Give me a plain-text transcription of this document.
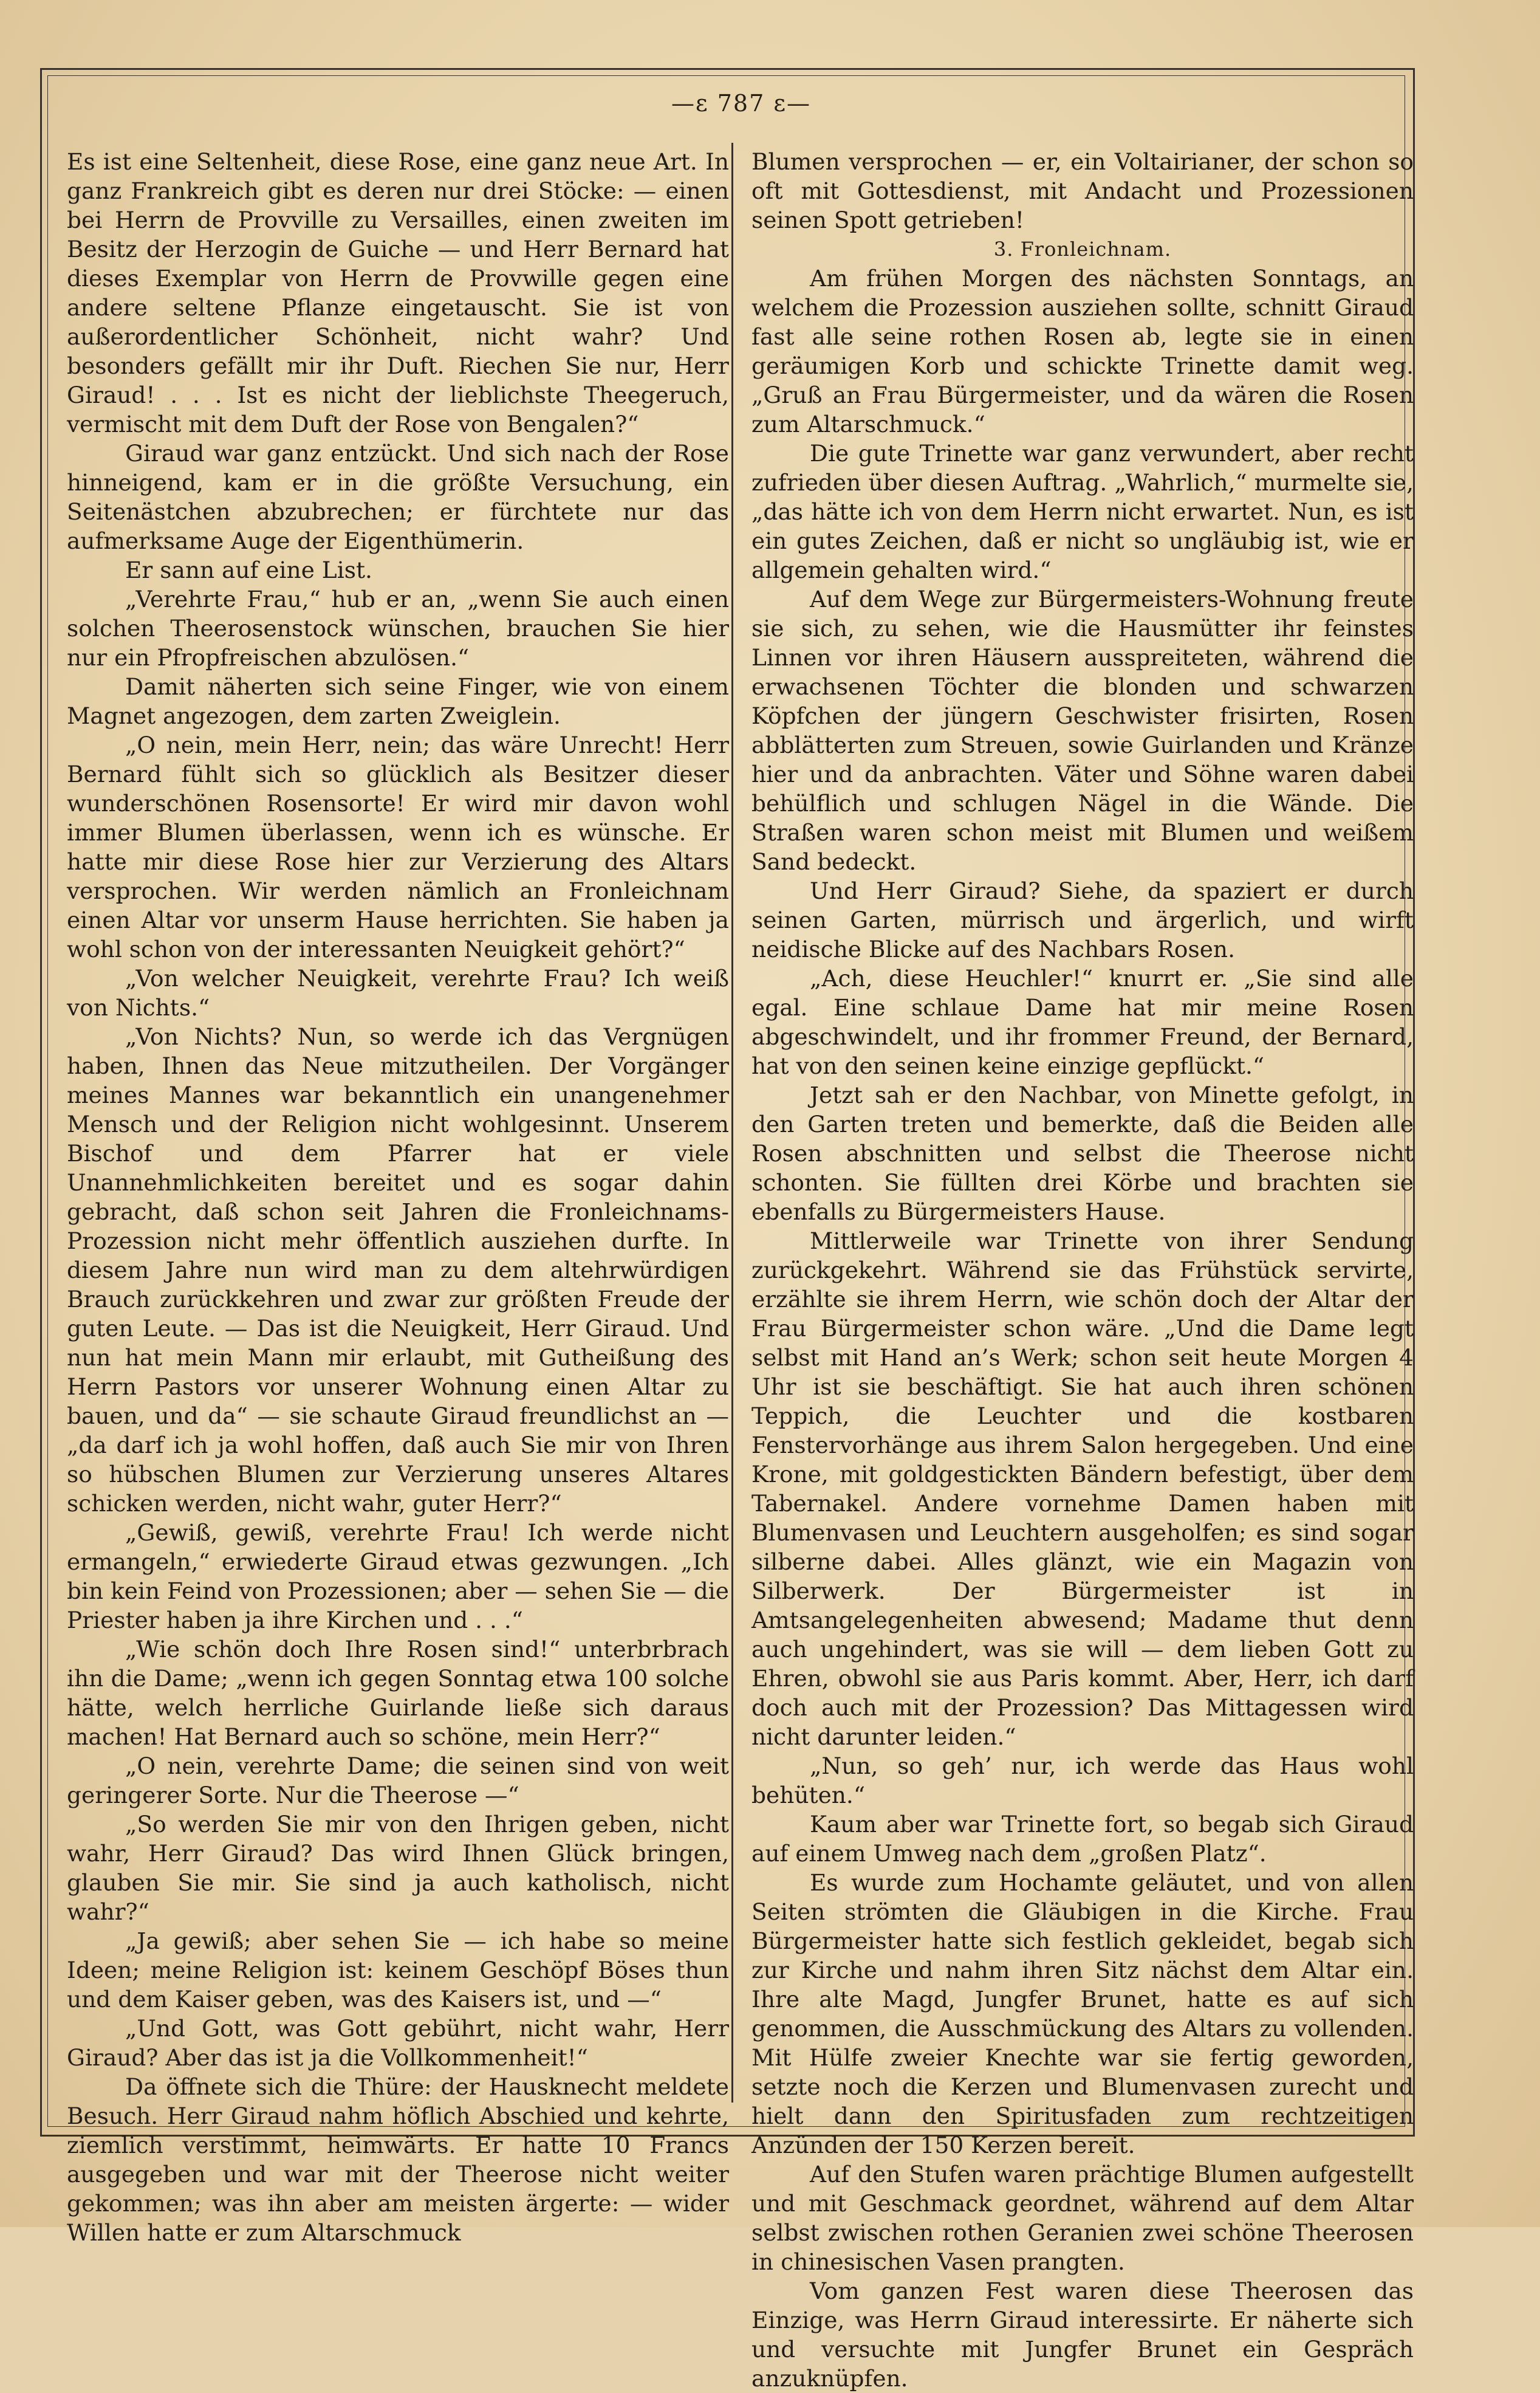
—ε 787 ε—

Es ist eine Seltenheit, diese Rose, eine ganz neue Art. In ganz Frankreich gibt es deren nur drei Stöcke: — einen bei Herrn de Provville zu Versailles, einen zweiten im Besitz der Herzogin de Guiche — und Herr Bernard hat dieses Exemplar von Herrn de Provwille gegen eine andere seltene Pflanze eingetauscht. Sie ist von außerordentlicher Schönheit, nicht wahr? Und besonders gefällt mir ihr Duft. Riechen Sie nur, Herr Giraud! . . . Ist es nicht der lieblichste Theegeruch, vermischt mit dem Duft der Rose von Bengalen?“

Giraud war ganz entzückt. Und sich nach der Rose hinneigend, kam er in die größte Versuchung, ein Seitenästchen abzubrechen; er fürchtete nur das aufmerksame Auge der Eigenthümerin.

Er sann auf eine List.

„Verehrte Frau,“ hub er an, „wenn Sie auch einen solchen Theerosenstock wünschen, brauchen Sie hier nur ein Pfropfreischen abzulösen.“

Damit näherten sich seine Finger, wie von einem Magnet angezogen, dem zarten Zweiglein.

„O nein, mein Herr, nein; das wäre Unrecht! Herr Bernard fühlt sich so glücklich als Besitzer dieser wunderschönen Rosensorte! Er wird mir davon wohl immer Blumen überlassen, wenn ich es wünsche. Er hatte mir diese Rose hier zur Verzierung des Altars versprochen. Wir werden nämlich an Fronleichnam einen Altar vor unserm Hause herrichten. Sie haben ja wohl schon von der interessanten Neuigkeit gehört?“

„Von welcher Neuigkeit, verehrte Frau? Ich weiß von Nichts.“

„Von Nichts? Nun, so werde ich das Vergnügen haben, Ihnen das Neue mitzutheilen. Der Vorgänger meines Mannes war bekanntlich ein unangenehmer Mensch und der Religion nicht wohlgesinnt. Unserem Bischof und dem Pfarrer hat er viele Unannehmlichkeiten bereitet und es sogar dahin gebracht, daß schon seit Jahren die Fronleichnams-Prozession nicht mehr öffentlich ausziehen durfte. In diesem Jahre nun wird man zu dem altehrwürdigen Brauch zurückkehren und zwar zur größten Freude der guten Leute. — Das ist die Neuigkeit, Herr Giraud. Und nun hat mein Mann mir erlaubt, mit Gutheißung des Herrn Pastors vor unserer Wohnung einen Altar zu bauen, und da“ — sie schaute Giraud freundlichst an — „da darf ich ja wohl hoffen, daß auch Sie mir von Ihren so hübschen Blumen zur Verzierung unseres Altares schicken werden, nicht wahr, guter Herr?“

„Gewiß, gewiß, verehrte Frau! Ich werde nicht ermangeln,“ erwiederte Giraud etwas gezwungen. „Ich bin kein Feind von Prozessionen; aber — sehen Sie — die Priester haben ja ihre Kirchen und . . .“

„Wie schön doch Ihre Rosen sind!“ unterbrbrach ihn die Dame; „wenn ich gegen Sonntag etwa 100 solche hätte, welch herrliche Guirlande ließe sich daraus machen! Hat Bernard auch so schöne, mein Herr?“

„O nein, verehrte Dame; die seinen sind von weit geringerer Sorte. Nur die Theerose —“

„So werden Sie mir von den Ihrigen geben, nicht wahr, Herr Giraud? Das wird Ihnen Glück bringen, glauben Sie mir. Sie sind ja auch katholisch, nicht wahr?“

„Ja gewiß; aber sehen Sie — ich habe so meine Ideen; meine Religion ist: keinem Geschöpf Böses thun und dem Kaiser geben, was des Kaisers ist, und —“

„Und Gott, was Gott gebührt, nicht wahr, Herr Giraud? Aber das ist ja die Vollkommenheit!“

Da öffnete sich die Thüre: der Hausknecht meldete Besuch. Herr Giraud nahm höflich Abschied und kehrte, ziemlich verstimmt, heimwärts. Er hatte 10 Francs ausgegeben und war mit der Theerose nicht weiter gekommen; was ihn aber am meisten ärgerte: — wider Willen hatte er zum Altarschmuck

Blumen versprochen — er, ein Voltairianer, der schon so oft mit Gottesdienst, mit Andacht und Prozessionen seinen Spott getrieben!

3. Fronleichnam.

Am frühen Morgen des nächsten Sonntags, an welchem die Prozession ausziehen sollte, schnitt Giraud fast alle seine rothen Rosen ab, legte sie in einen geräumigen Korb und schickte Trinette damit weg. „Gruß an Frau Bürgermeister, und da wären die Rosen zum Altarschmuck.“

Die gute Trinette war ganz verwundert, aber recht zufrieden über diesen Auftrag. „Wahrlich,“ murmelte sie, „das hätte ich von dem Herrn nicht erwartet. Nun, es ist ein gutes Zeichen, daß er nicht so ungläubig ist, wie er allgemein gehalten wird.“

Auf dem Wege zur Bürgermeisters-Wohnung freute sie sich, zu sehen, wie die Hausmütter ihr feinstes Linnen vor ihren Häusern ausspreiteten, während die erwachsenen Töchter die blonden und schwarzen Köpfchen der jüngern Geschwister frisirten, Rosen abblätterten zum Streuen, sowie Guirlanden und Kränze hier und da anbrachten. Väter und Söhne waren dabei behülflich und schlugen Nägel in die Wände. Die Straßen waren schon meist mit Blumen und weißem Sand bedeckt.

Und Herr Giraud? Siehe, da spaziert er durch seinen Garten, mürrisch und ärgerlich, und wirft neidische Blicke auf des Nachbars Rosen.

„Ach, diese Heuchler!“ knurrt er. „Sie sind alle egal. Eine schlaue Dame hat mir meine Rosen abgeschwindelt, und ihr frommer Freund, der Bernard, hat von den seinen keine einzige gepflückt.“

Jetzt sah er den Nachbar, von Minette gefolgt, in den Garten treten und bemerkte, daß die Beiden alle Rosen abschnitten und selbst die Theerose nicht schonten. Sie füllten drei Körbe und brachten sie ebenfalls zu Bürgermeisters Hause.

Mittlerweile war Trinette von ihrer Sendung zurückgekehrt. Während sie das Frühstück servirte, erzählte sie ihrem Herrn, wie schön doch der Altar der Frau Bürgermeister schon wäre. „Und die Dame legt selbst mit Hand an’s Werk; schon seit heute Morgen 4 Uhr ist sie beschäftigt. Sie hat auch ihren schönen Teppich, die Leuchter und die kostbaren Fenstervorhänge aus ihrem Salon hergegeben. Und eine Krone, mit goldgestickten Bändern befestigt, über dem Tabernakel. Andere vornehme Damen haben mit Blumenvasen und Leuchtern ausgeholfen; es sind sogar silberne dabei. Alles glänzt, wie ein Magazin von Silberwerk. Der Bürgermeister ist in Amtsangelegenheiten abwesend; Madame thut denn auch ungehindert, was sie will — dem lieben Gott zu Ehren, obwohl sie aus Paris kommt. Aber, Herr, ich darf doch auch mit der Prozession? Das Mittagessen wird nicht darunter leiden.“

„Nun, so geh’ nur, ich werde das Haus wohl behüten.“

Kaum aber war Trinette fort, so begab sich Giraud auf einem Umweg nach dem „großen Platz“.

Es wurde zum Hochamte geläutet, und von allen Seiten strömten die Gläubigen in die Kirche. Frau Bürgermeister hatte sich festlich gekleidet, begab sich zur Kirche und nahm ihren Sitz nächst dem Altar ein. Ihre alte Magd, Jungfer Brunet, hatte es auf sich genommen, die Ausschmückung des Altars zu vollenden. Mit Hülfe zweier Knechte war sie fertig geworden, setzte noch die Kerzen und Blumenvasen zurecht und hielt dann den Spiritusfaden zum rechtzeitigen Anzünden der 150 Kerzen bereit.

Auf den Stufen waren prächtige Blumen aufgestellt und mit Geschmack geordnet, während auf dem Altar selbst zwischen rothen Geranien zwei schöne Theerosen in chinesischen Vasen prangten.

Vom ganzen Fest waren diese Theerosen das Einzige, was Herrn Giraud interessirte. Er näherte sich und versuchte mit Jungfer Brunet ein Gespräch anzuknüpfen.
